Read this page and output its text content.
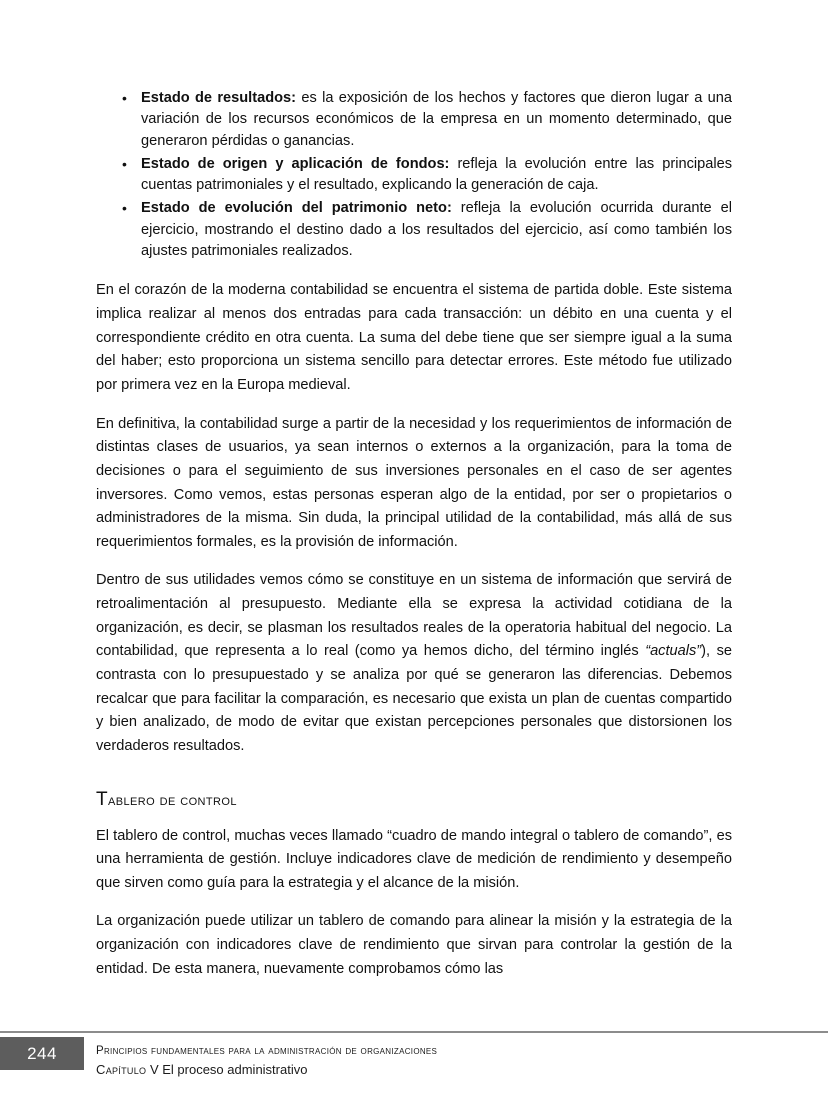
• Estado de resultados: es la exposición de los hechos y factores que dieron lugar a una variación de los recursos económicos de la empresa en un momento determinado, que generaron pérdidas o ganancias.
• Estado de origen y aplicación de fondos: refleja la evolución entre las principales cuentas patrimoniales y el resultado, explicando la generación de caja.
• Estado de evolución del patrimonio neto: refleja la evolución ocurrida durante el ejercicio, mostrando el destino dado a los resultados del ejercicio, así como también los ajustes patrimoniales realizados.

En el corazón de la moderna contabilidad se encuentra el sistema de partida doble. Este sistema implica realizar al menos dos entradas para cada transacción: un débito en una cuenta y el correspondiente crédito en otra cuenta. La suma del debe tiene que ser siempre igual a la suma del haber; esto proporciona un sistema sencillo para detectar errores. Este método fue utilizado por primera vez en la Europa medieval.

En definitiva, la contabilidad surge a partir de la necesidad y los requerimientos de información de distintas clases de usuarios, ya sean internos o externos a la organización, para la toma de decisiones o para el seguimiento de sus inversiones personales en el caso de ser agentes inversores. Como vemos, estas personas esperan algo de la entidad, por ser o propietarios o administradores de la misma. Sin duda, la principal utilidad de la contabilidad, más allá de sus requerimientos formales, es la provisión de información.

Dentro de sus utilidades vemos cómo se constituye en un sistema de información que servirá de retroalimentación al presupuesto. Mediante ella se expresa la actividad cotidiana de la organización, es decir, se plasman los resultados reales de la operatoria habitual del negocio. La contabilidad, que representa a lo real (como ya hemos dicho, del término inglés “actuals”), se contrasta con lo presupuestado y se analiza por qué se generaron las diferencias. Debemos recalcar que para facilitar la comparación, es necesario que exista un plan de cuentas compartido y bien analizado, de modo de evitar que existan percepciones personales que distorsionen los verdaderos resultados.

Tablero de control

El tablero de control, muchas veces llamado “cuadro de mando integral o tablero de comando”, es una herramienta de gestión. Incluye indicadores clave de medición de rendimiento y desempeño que sirven como guía para la estrategia y el alcance de la misión.

La organización puede utilizar un tablero de comando para alinear la misión y la estrategia de la organización con indicadores clave de rendimiento que sirvan para controlar la gestión de la entidad. De esta manera, nuevamente comprobamos cómo las

244	Principios fundamentales para la administración de organizaciones
Capítulo V El proceso administrativo
